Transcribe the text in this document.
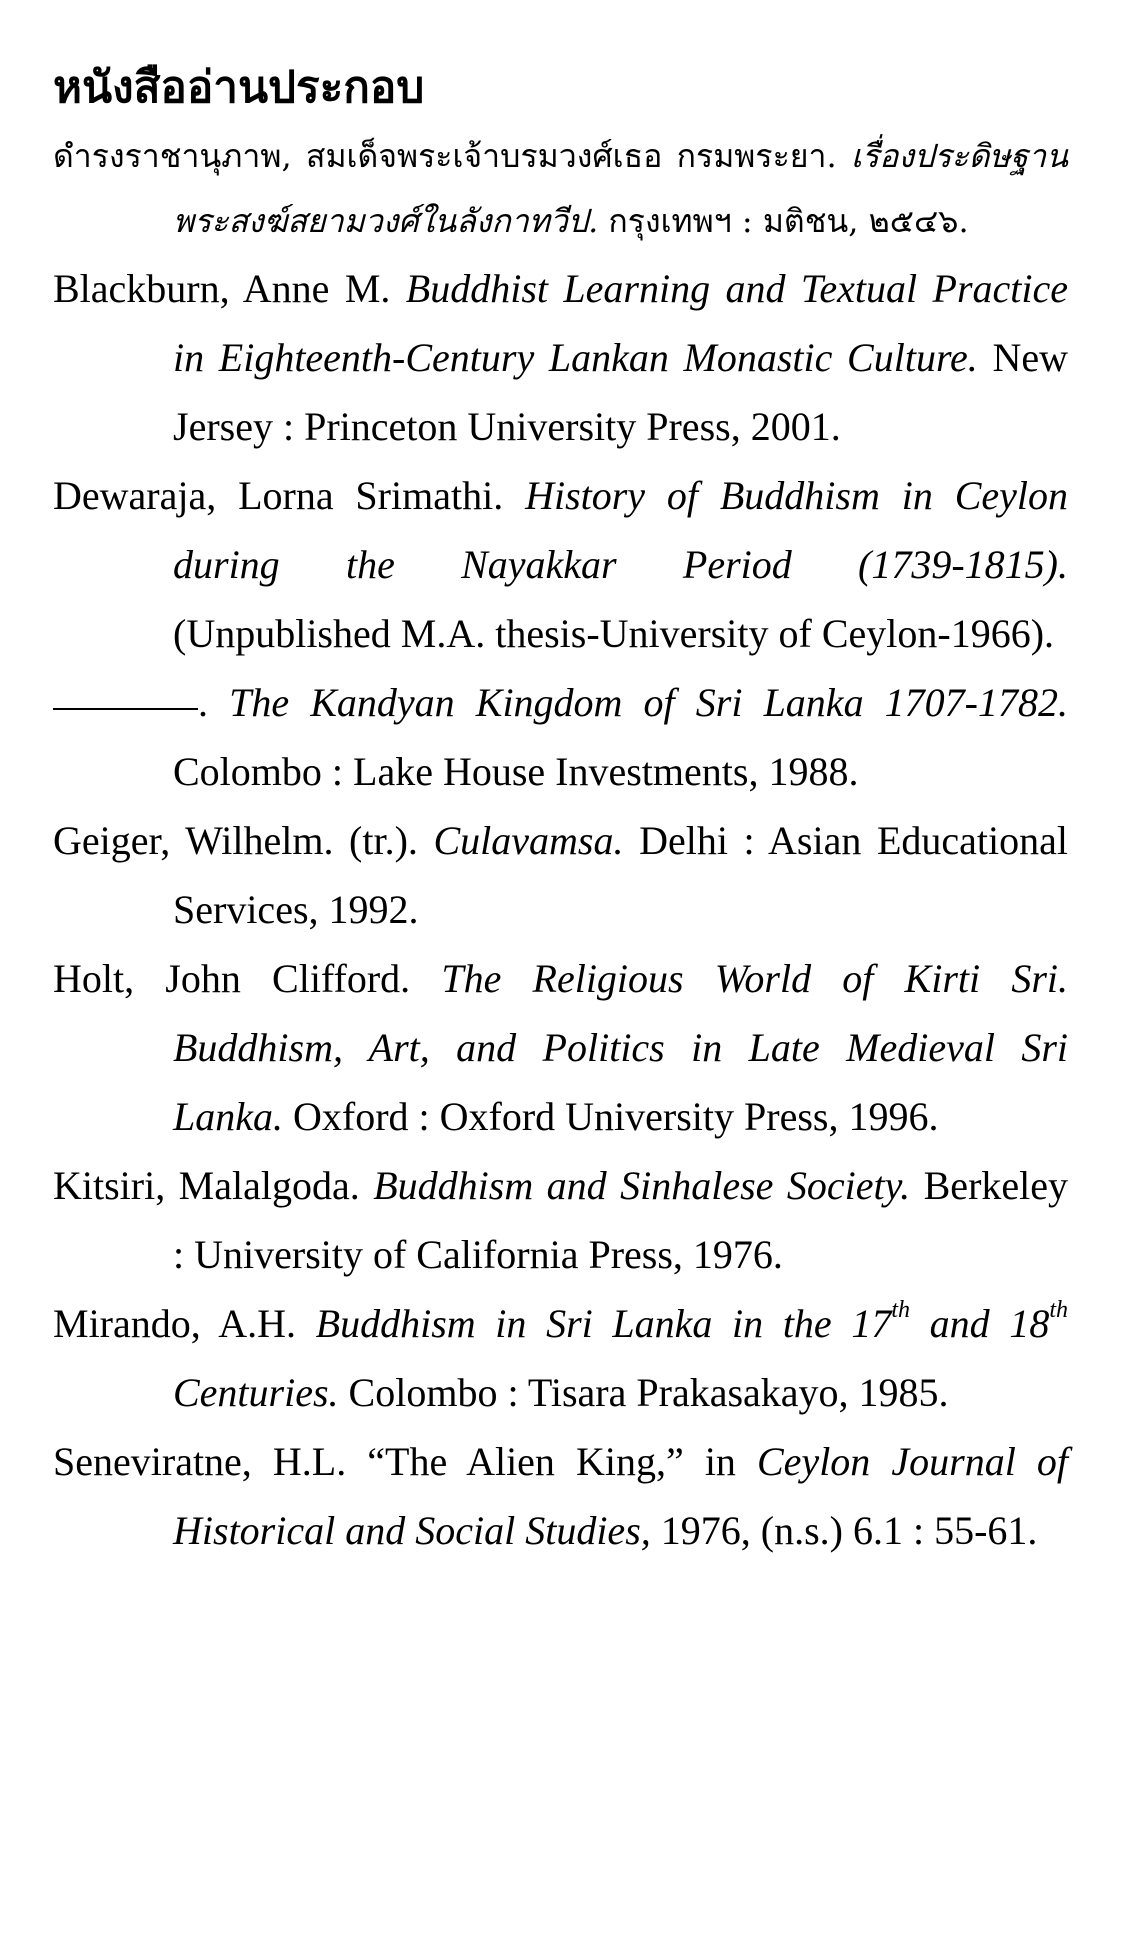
หนังสืออ่านประกอบ

ดำรงราชานุภาพ, สมเด็จพระเจ้าบรมวงศ์เธอ กรมพระยา. เรื่องประดิษฐานพระสงฆ์สยามวงศ์ในลังกาทวีป. กรุงเทพฯ : มติชน, ๒๕๔๖.

Blackburn, Anne M. Buddhist Learning and Textual Practice in Eighteenth-Century Lankan Monastic Culture. New Jersey : Princeton University Press, 2001.

Dewaraja, Lorna Srimathi. History of Buddhism in Ceylon during the Nayakkar Period (1739-1815). (Unpublished M.A. thesis-University of Ceylon-1966).

. The Kandyan Kingdom of Sri Lanka 1707-1782. Colombo : Lake House Investments, 1988.

Geiger, Wilhelm. (tr.). Culavamsa. Delhi : Asian Educational Services, 1992.

Holt, John Clifford. The Religious World of Kirti Sri. Buddhism, Art, and Politics in Late Medieval Sri Lanka. Oxford : Oxford University Press, 1996.

Kitsiri, Malalgoda. Buddhism and Sinhalese Society. Berkeley : University of California Press, 1976.

Mirando, A.H. Buddhism in Sri Lanka in the 17th and 18th Centuries. Colombo : Tisara Prakasakayo, 1985.

Seneviratne, H.L. “The Alien King,” in Ceylon Journal of Historical and Social Studies, 1976, (n.s.) 6.1 : 55-61.
